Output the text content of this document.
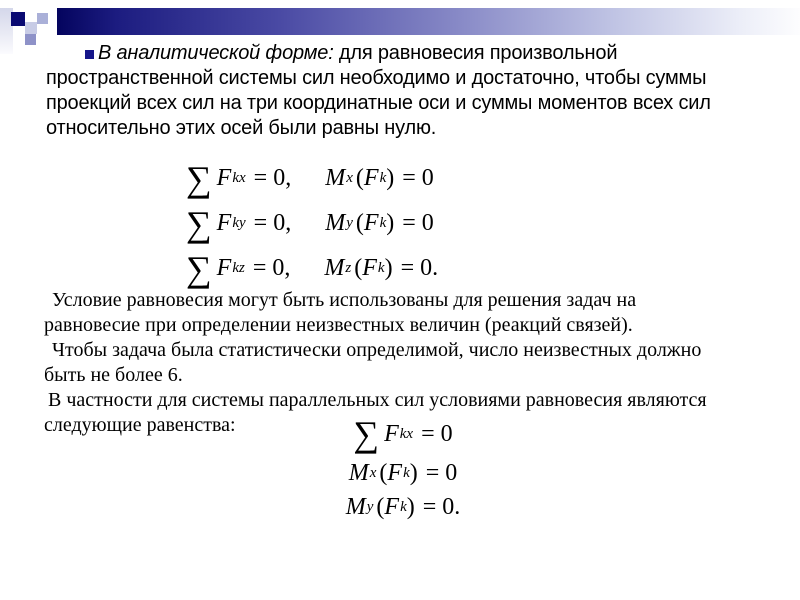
В аналитической форме: для равновесия произвольной пространственной системы сил необходимо и достаточно, чтобы суммы проекций всех сил на три координатные оси и суммы моментов всех сил относительно этих осей были равны нулю.
∑ F kx = 0, M x ( F k ) = 0
∑ F ky = 0, M y ( F k ) = 0
∑ F kz = 0, M z ( F k ) = 0.

Условие равновесия могут быть использованы для решения задач на равновесие при определении неизвестных величин (реакций связей).

Чтобы задача была статистически определимой, число неизвестных должно быть не более 6.

В частности для системы параллельных сил условиями равновесия являются следующие равенства:	∑ F kx = 0
M x ( F k ) = 0
M y ( F k ) = 0.
